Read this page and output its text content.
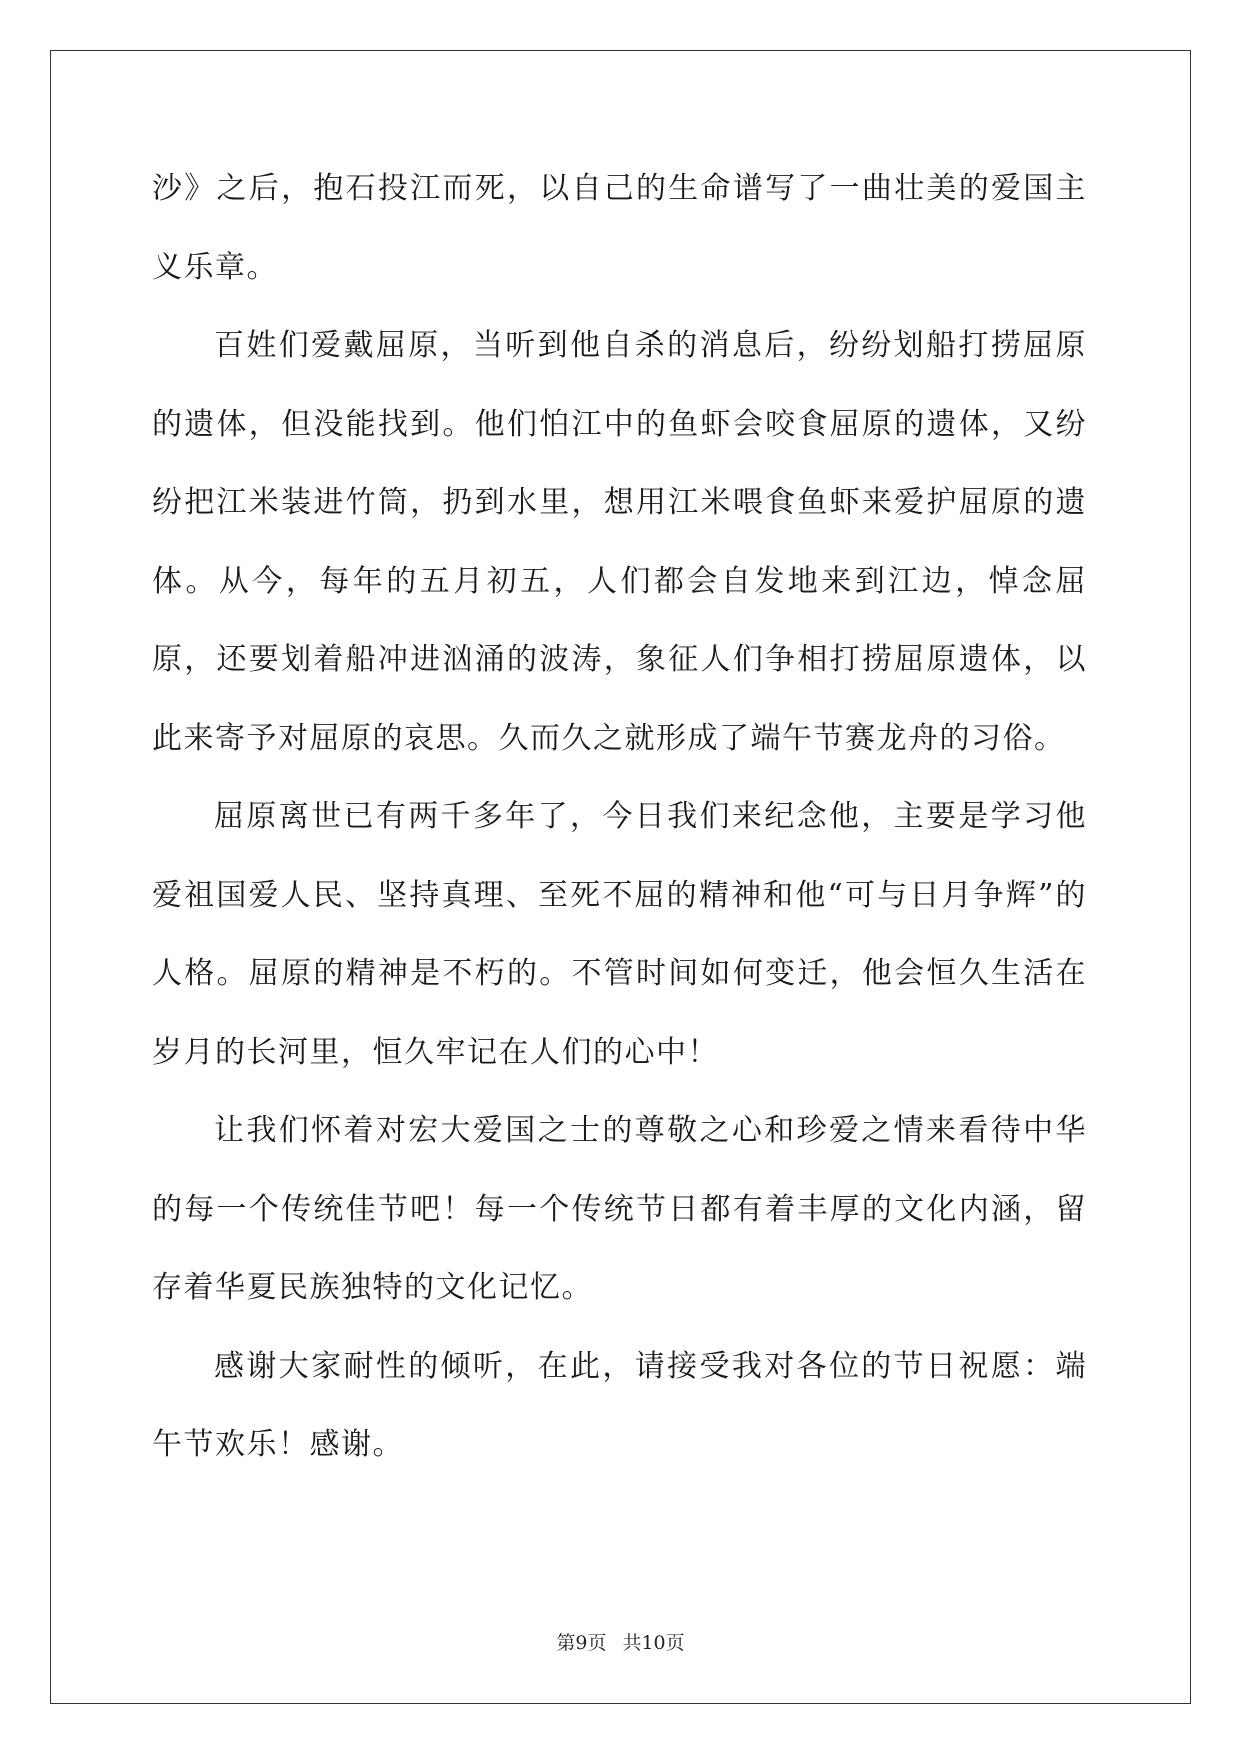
沙》之后，抱石投江而死，以自己的生命谱写了一曲壮美的爱国主义乐章。

百姓们爱戴屈原，当听到他自杀的消息后，纷纷划船打捞屈原的遗体，但没能找到。他们怕江中的鱼虾会咬食屈原的遗体，又纷纷把江米装进竹筒，扔到水里，想用江米喂食鱼虾来爱护屈原的遗体。从今，每年的五月初五，人们都会自发地来到江边，悼念屈原，还要划着船冲进汹涌的波涛，象征人们争相打捞屈原遗体，以此来寄予对屈原的哀思。久而久之就形成了端午节赛龙舟的习俗。

屈原离世已有两千多年了，今日我们来纪念他，主要是学习他爱祖国爱人民、坚持真理、至死不屈的精神和他“可与日月争辉”的人格。屈原的精神是不朽的。不管时间如何变迁，他会恒久生活在岁月的长河里，恒久牢记在人们的心中！

让我们怀着对宏大爱国之士的尊敬之心和珍爱之情来看待中华的每一个传统佳节吧！每一个传统节日都有着丰厚的文化内涵，留存着华夏民族独特的文化记忆。

感谢大家耐性的倾听，在此，请接受我对各位的节日祝愿：端午节欢乐！感谢。

第9页 共10页
